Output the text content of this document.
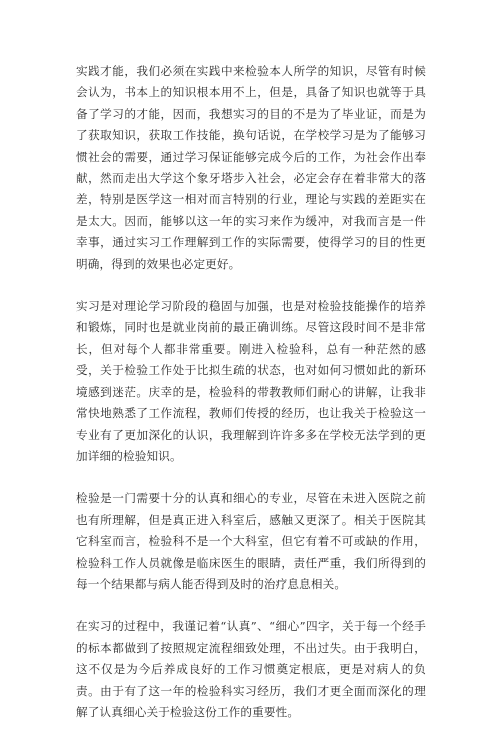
实践才能，我们必须在实践中来检验本人所学的知识，尽管有时候会认为，书本上的知识根本用不上，但是，具备了知识也就等于具备了学习的才能，因而，我想实习的目的不是为了毕业证，而是为了获取知识，获取工作技能，换句话说，在学校学习是为了能够习惯社会的需要，通过学习保证能够完成今后的工作，为社会作出奉献，然而走出大学这个象牙塔步入社会，必定会存在着非常大的落差，特别是医学这一相对而言特别的行业，理论与实践的差距实在是太大。因而，能够以这一年的实习来作为缓冲，对我而言是一件幸事，通过实习工作理解到工作的实际需要，使得学习的目的性更明确，得到的效果也必定更好。

实习是对理论学习阶段的稳固与加强，也是对检验技能操作的培养和锻炼，同时也是就业岗前的最正确训练。尽管这段时间不是非常长，但对每个人都非常重要。刚进入检验科，总有一种茫然的感受，关于检验工作处于比拟生疏的状态，也对如何习惯如此的新环境感到迷茫。庆幸的是，检验科的带教教师们耐心的讲解，让我非常快地熟悉了工作流程，教师们传授的经历，也让我关于检验这一专业有了更加深化的认识，我理解到许许多多在学校无法学到的更加详细的检验知识。

检验是一门需要十分的认真和细心的专业，尽管在未进入医院之前也有所理解，但是真正进入科室后，感触又更深了。相关于医院其它科室而言，检验科不是一个大科室，但它有着不可或缺的作用，检验科工作人员就像是临床医生的眼睛，责任严重，我们所得到的每一个结果都与病人能否得到及时的治疗息息相关。

在实习的过程中，我谨记着“认真”、“细心”四字，关于每一个经手的标本都做到了按照规定流程细致处理，不出过失。由于我明白，这不仅是为今后养成良好的工作习惯奠定根底，更是对病人的负责。由于有了这一年的检验科实习经历，我们才更全面而深化的理解了认真细心关于检验这份工作的重要性。
